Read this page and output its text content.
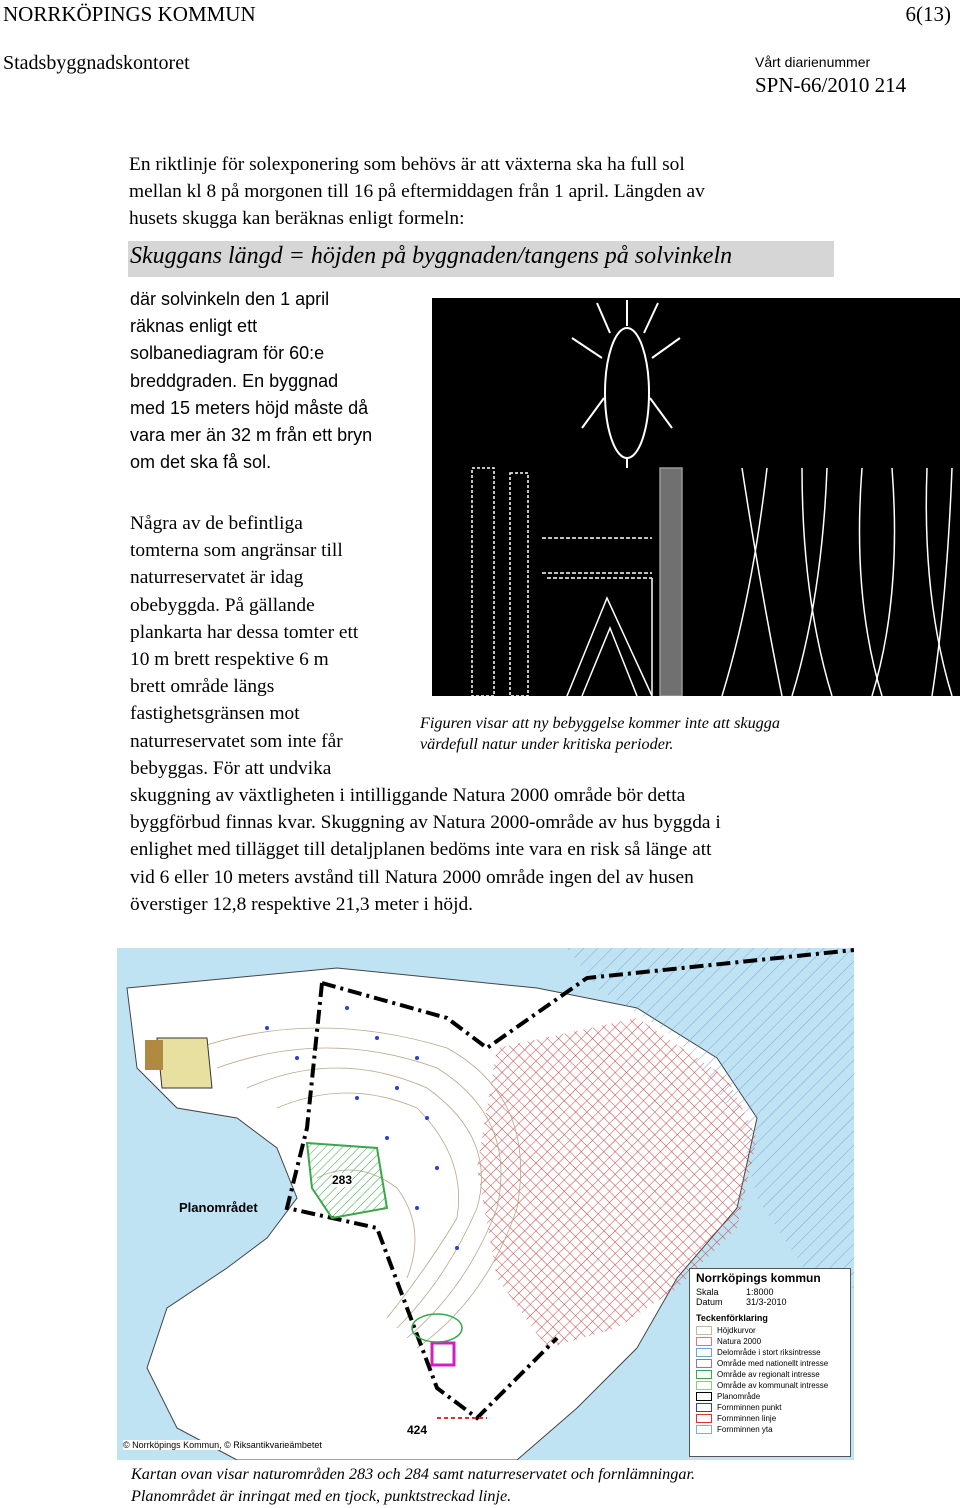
NORRKÖPINGS KOMMUN	6(13)
Stadsbyggnadskontoret	Vårt diarienummer
SPN-66/2010 214
En riktlinje för solexponering som behövs är att växterna ska ha full sol
mellan kl 8 på morgonen till 16 på eftermiddagen från 1 april. Längden av
husets skugga kan beräknas enligt formeln:
Skuggans längd = höjden på byggnaden/tangens på solvinkeln
där solvinkeln den 1 april
räknas enligt ett
solbanediagram för 60:e
breddgraden. En byggnad
med 15 meters höjd måste då
vara mer än 32 m från ett bryn
om det ska få sol.
Några av de befintliga
tomterna som angränsar till
naturreservatet är idag
obebyggda. På gällande
plankarta har dessa tomter ett
10 m brett respektive 6 m
brett område längs
fastighetsgränsen mot
naturreservatet som inte får
bebyggas. För att undvika
skuggning av växtligheten i intilliggande Natura 2000 område bör detta
byggförbud finnas kvar. Skuggning av Natura 2000-område av hus byggda i
enlighet med tillägget till detaljplanen bedöms inte vara en risk så länge att
vid 6 eller 10 meters avstånd till Natura 2000 område ingen del av husen
överstiger 12,8 respektive 21,3 meter i höjd.
Figuren visar att ny bebyggelse kommer inte att skugga
värdefull natur under kritiska perioder.
283
Planområdet
424
© Norrköpings Kommun, © Riksantikvarieämbetet
Norrköpings kommun
Skala	1:8000
Datum	31/3-2010
Teckenförklaring
Höjdkurvor
Natura 2000
Delområde i stort riksintresse
Område med nationellt intresse
Område av regionalt intresse
Område av kommunalt intresse
Planområde
Fornminnen punkt
Fornminnen linje
Fornminnen yta
Kartan ovan visar naturområden 283 och 284 samt naturreservatet och fornlämningar.
Planområdet är inringat med en tjock, punktstreckad linje.
